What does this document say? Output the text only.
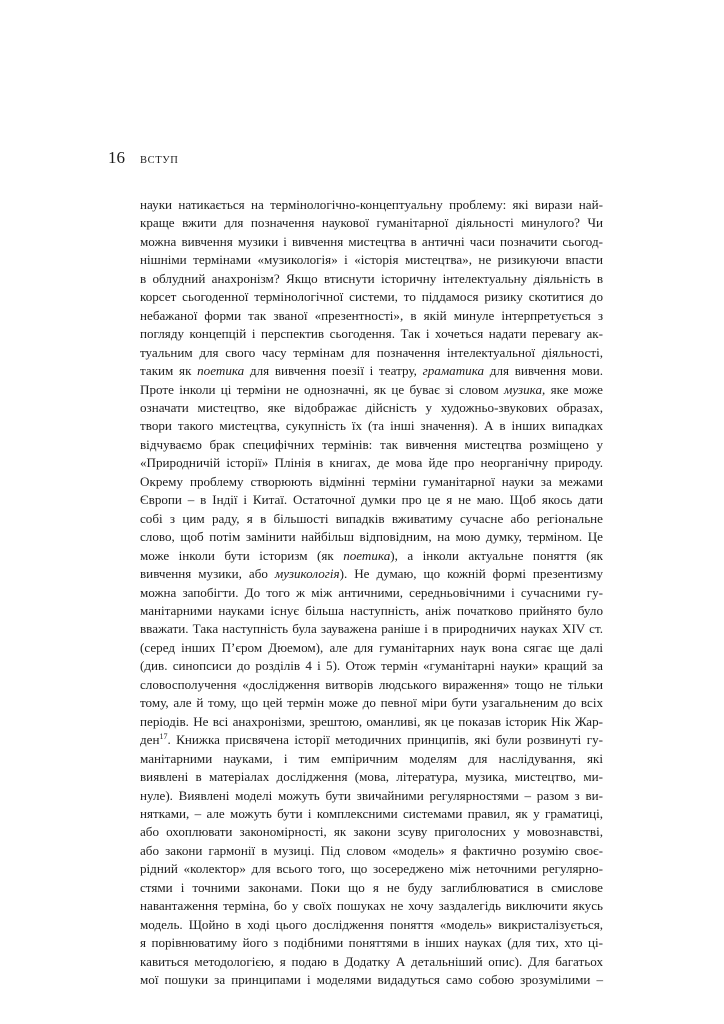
16 ВСТУП
науки натикається на термінологічно-концептуальну проблему: які вирази най-
краще вжити для позначення наукової гуманітарної діяльності минулого? Чи
можна вивчення музики і вивчення мистецтва в античні часи позначити сьогод-
нішніми термінами «музикологія» і «історія мистецтва», не ризикуючи впасти
в облудний анахронізм? Якщо втиснути історичну інтелектуальну діяльність в
корсет сьогоденної термінологічної системи, то піддамося ризику скотитися до
небажаної форми так званої «презентності», в якій минуле інтерпретується з
погляду концепцій і перспектив сьогодення. Так і хочеться надати перевагу ак-
туальним для свого часу термінам для позначення інтелектуальної діяльності,
таким як поетика для вивчення поезії і театру, граматика для вивчення мови.
Проте інколи ці терміни не однозначні, як це буває зі словом музика, яке може
означати мистецтво, яке відображає дійсність у художньо-звукових образах,
твори такого мистецтва, сукупність їх (та інші значення). А в інших випадках
відчуваємо брак специфічних термінів: так вивчення мистецтва розміщено у
«Природничій історії» Плінія в книгах, де мова йде про неорганічну природу.
Окрему проблему створюють відмінні терміни гуманітарної науки за межами
Європи – в Індії і Китаї. Остаточної думки про це я не маю. Щоб якось дати
собі з цим раду, я в більшості випадків вживатиму сучасне або регіональне
слово, щоб потім замінити найбільш відповідним, на мою думку, терміном. Це
може інколи бути історизм (як поетика), а інколи актуальне поняття (як
вивчення музики, або музикологія). Не думаю, що кожній формі презентизму
можна запобігти. До того ж між античними, середньовічними і сучасними гу-
манітарними науками існує більша наступність, аніж початково прийнято було
вважати. Така наступність була зауважена раніше і в природничих науках XIV ст.
(серед інших П’єром Дюемом), але для гуманітарних наук вона сягає ще далі
(див. синопсиси до розділів 4 і 5). Отож термін «гуманітарні науки» кращий за
словосполучення «дослідження витворів людського вираження» тощо не тільки
тому, але й тому, що цей термін може до певної міри бути узагальненим до всіх
періодів. Не всі анахронізми, зрештою, оманливі, як це показав історик Нік Жар-
ден$^{17}$. Книжка присвячена історії методичних принципів, які були розвинуті гу-
манітарними науками, і тим емпіричним моделям для наслідування, які
виявлені в матеріалах дослідження (мова, література, музика, мистецтво, ми-
нуле). Виявлені моделі можуть бути звичайними регулярностями – разом з ви-
нятками, – але можуть бути і комплексними системами правил, як у граматиці,
або охоплювати закономірності, як закони зсуву приголосних у мовознавстві,
або закони гармонії в музиці. Під словом «модель» я фактично розумію своє-
рідний «колектор» для всього того, що зосереджено між неточними регулярно-
стями і точними законами. Поки що я не буду заглиблюватися в смислове
навантаження терміна, бо у своїх пошуках не хочу заздалегідь виключити якусь
модель. Щойно в ході цього дослідження поняття «модель» викристалізується,
я порівнюватиму його з подібними поняттями в інших науках (для тих, хто ці-
кавиться методологією, я подаю в Додатку А детальніший опис). Для багатьох
мої пошуки за принципами і моделями видадуться само собою зрозумілими –
